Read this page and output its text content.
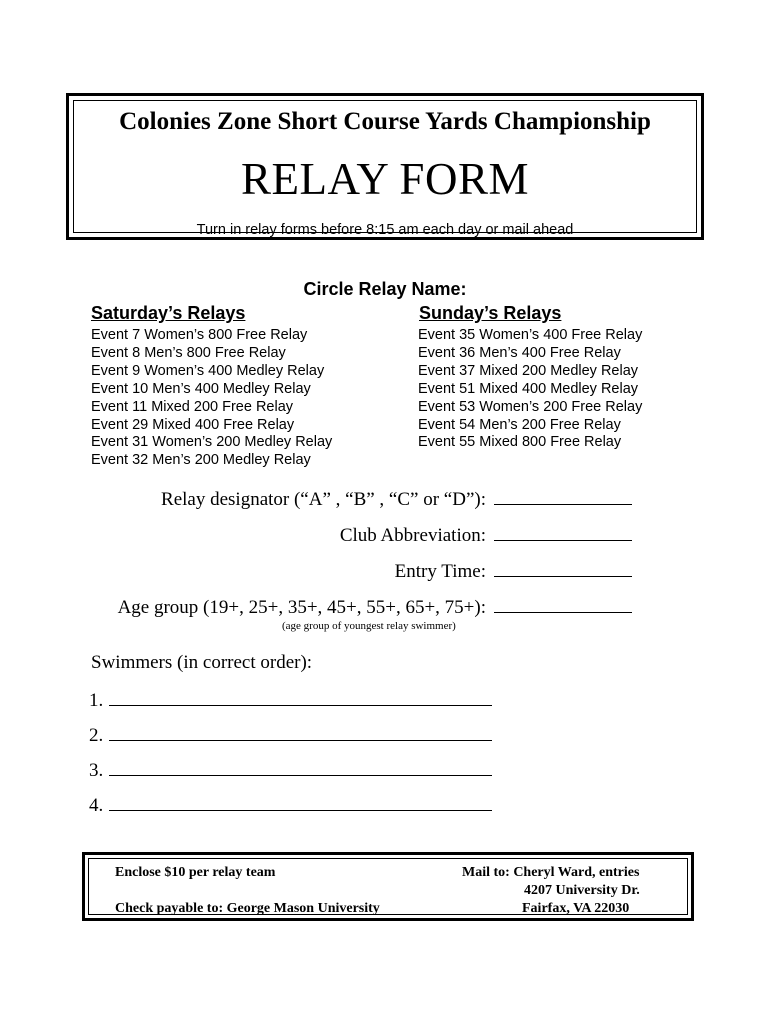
Colonies Zone Short Course Yards Championship
RELAY FORM
Turn in relay forms before 8:15 am each day or mail ahead
Circle Relay Name:
Saturday’s Relays	Sunday’s Relays
Event 7 Women’s 800 Free Relay
Event 8 Men’s 800 Free Relay
Event 9 Women’s 400 Medley Relay
Event 10 Men’s 400 Medley Relay
Event 11 Mixed 200 Free Relay
Event 29 Mixed 400 Free Relay
Event 31 Women’s 200 Medley Relay
Event 32 Men’s 200 Medley Relay
Event 35 Women’s 400 Free Relay
Event 36 Men’s 400 Free Relay
Event 37 Mixed 200 Medley Relay
Event 51 Mixed 400 Medley Relay
Event 53 Women’s 200 Free Relay
Event 54 Men’s 200 Free Relay
Event 55 Mixed 800 Free Relay
Relay designator (“A” , “B” , “C” or “D”):
Club Abbreviation:
Entry Time:
Age group (19+, 25+, 35+, 45+, 55+, 65+, 75+):
(age group of youngest relay swimmer)
Swimmers (in correct order):
1.
2.
3.
4.
Enclose $10 per relay team
Check payable to: George Mason University
Mail to: Cheryl Ward, entries
4207 University Dr.
Fairfax, VA 22030
